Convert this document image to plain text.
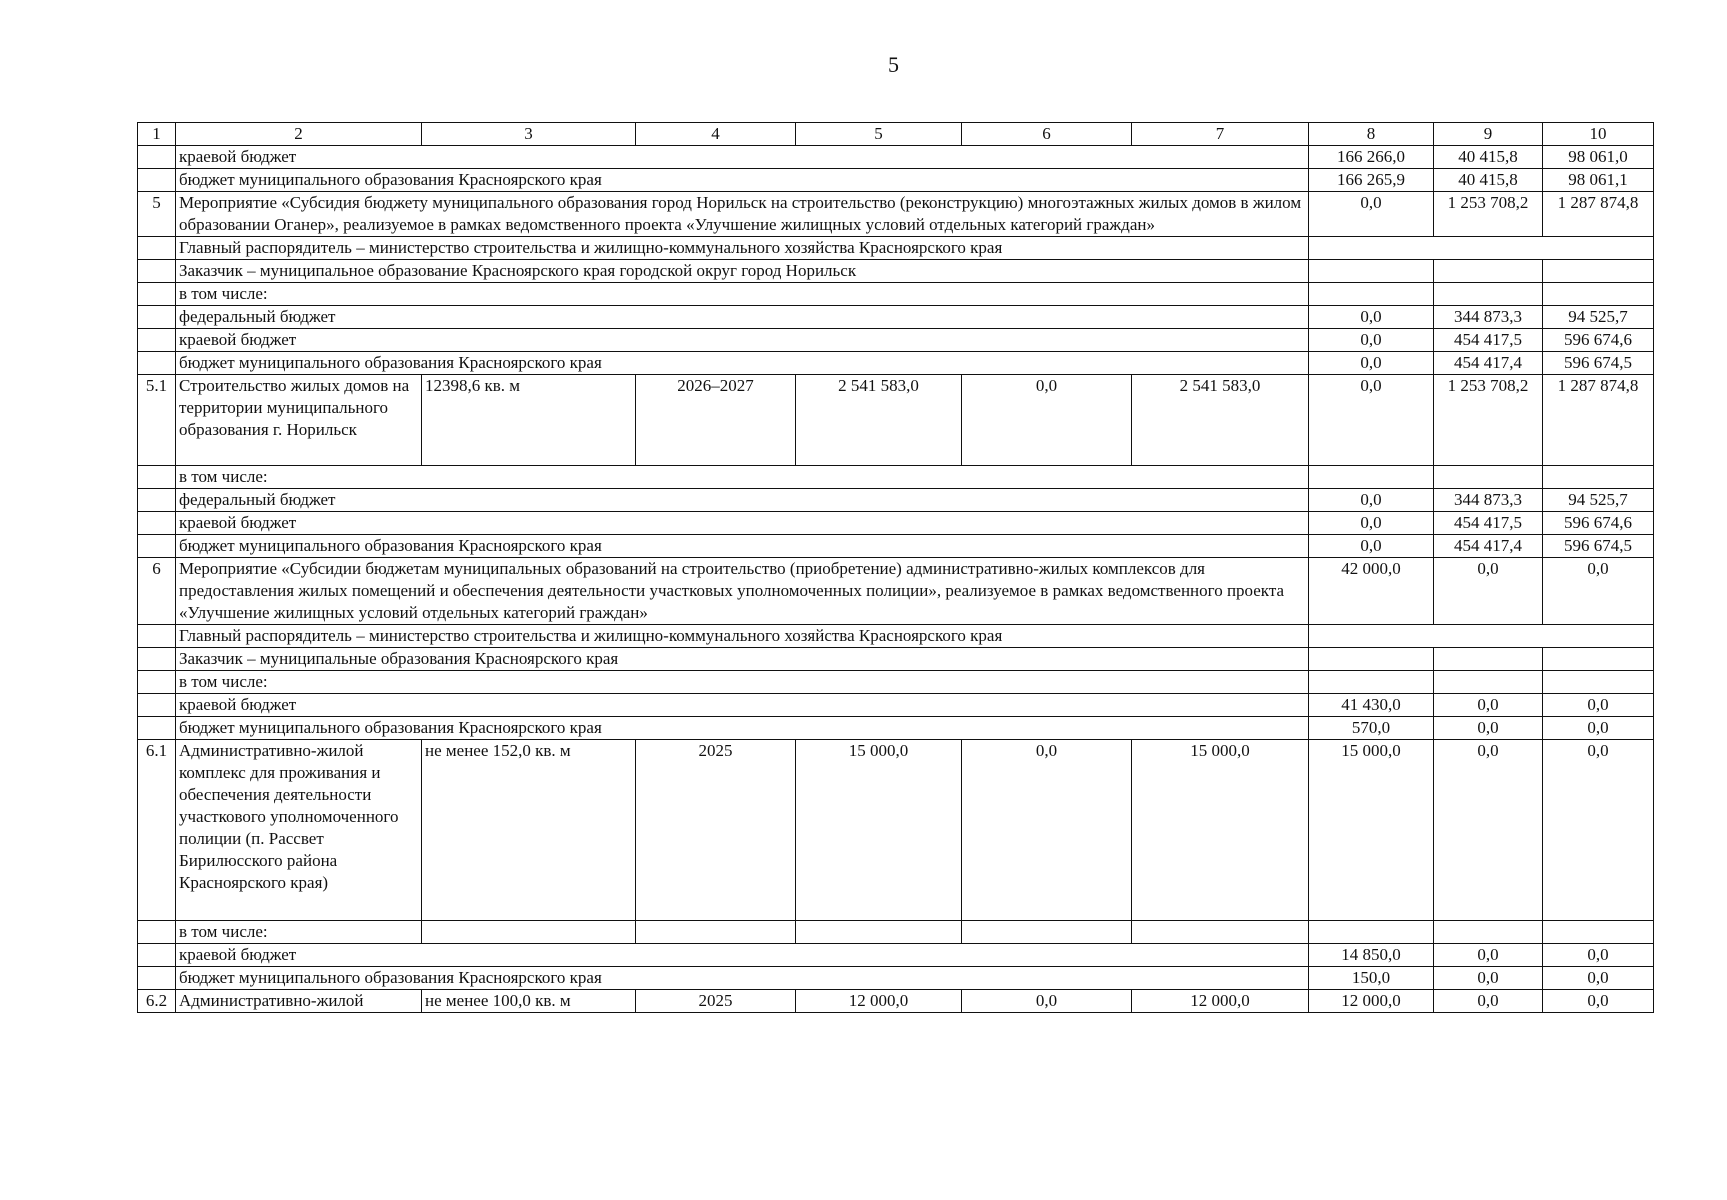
5
1	2	3	4	5	6	7	8	9	10
	краевой бюджет						166 266,0	40 415,8	98 061,0
	бюджет муниципального образования Красноярского края						166 265,9	40 415,8	98 061,1
5	Мероприятие «Субсидия бюджету муниципального образования город Норильск на строительство (реконструкцию) многоэтажных жилых домов в жилом образовании Оганер», реализуемое в рамках ведомственного проекта «Улучшение жилищных условий отдельных категорий граждан»						0,0	1 253 708,2	1 287 874,8
	Главный распорядитель – министерство строительства и жилищно-коммунального хозяйства Красноярского края								
	Заказчик – муниципальное образование Красноярского края городской округ город Норильск								
	в том числе:								
	федеральный бюджет						0,0	344 873,3	94 525,7
	краевой бюджет						0,0	454 417,5	596 674,6
	бюджет муниципального образования Красноярского края						0,0	454 417,4	596 674,5
5.1	Строительство жилых домов на территории муниципального образования г. Норильск	12398,6 кв. м	2026–2027	2 541 583,0	0,0	2 541 583,0	0,0	1 253 708,2	1 287 874,8
	в том числе:								
	федеральный бюджет						0,0	344 873,3	94 525,7
	краевой бюджет						0,0	454 417,5	596 674,6
	бюджет муниципального образования Красноярского края						0,0	454 417,4	596 674,5
6	Мероприятие «Субсидии бюджетам муниципальных образований на строительство (приобретение) административно-жилых комплексов для предоставления жилых помещений и обеспечения деятельности участковых уполномоченных полиции», реализуемое в рамках ведомственного проекта «Улучшение жилищных условий отдельных категорий граждан»						42 000,0	0,0	0,0
	Главный распорядитель – министерство строительства и жилищно-коммунального хозяйства Красноярского края								
	Заказчик – муниципальные образования Красноярского края								
	в том числе:								
	краевой бюджет						41 430,0	0,0	0,0
	бюджет муниципального образования Красноярского края						570,0	0,0	0,0
6.1	Административно-жилой комплекс для проживания и обеспечения деятельности участкового уполномоченного полиции (п. Рассвет Бирилюсского района Красноярского края)	не менее 152,0 кв. м	2025	15 000,0	0,0	15 000,0	15 000,0	0,0	0,0
	в том числе:								
	краевой бюджет						14 850,0	0,0	0,0
	бюджет муниципального образования Красноярского края						150,0	0,0	0,0
6.2	Административно-жилой	не менее 100,0 кв. м	2025	12 000,0	0,0	12 000,0	12 000,0	0,0	0,0
